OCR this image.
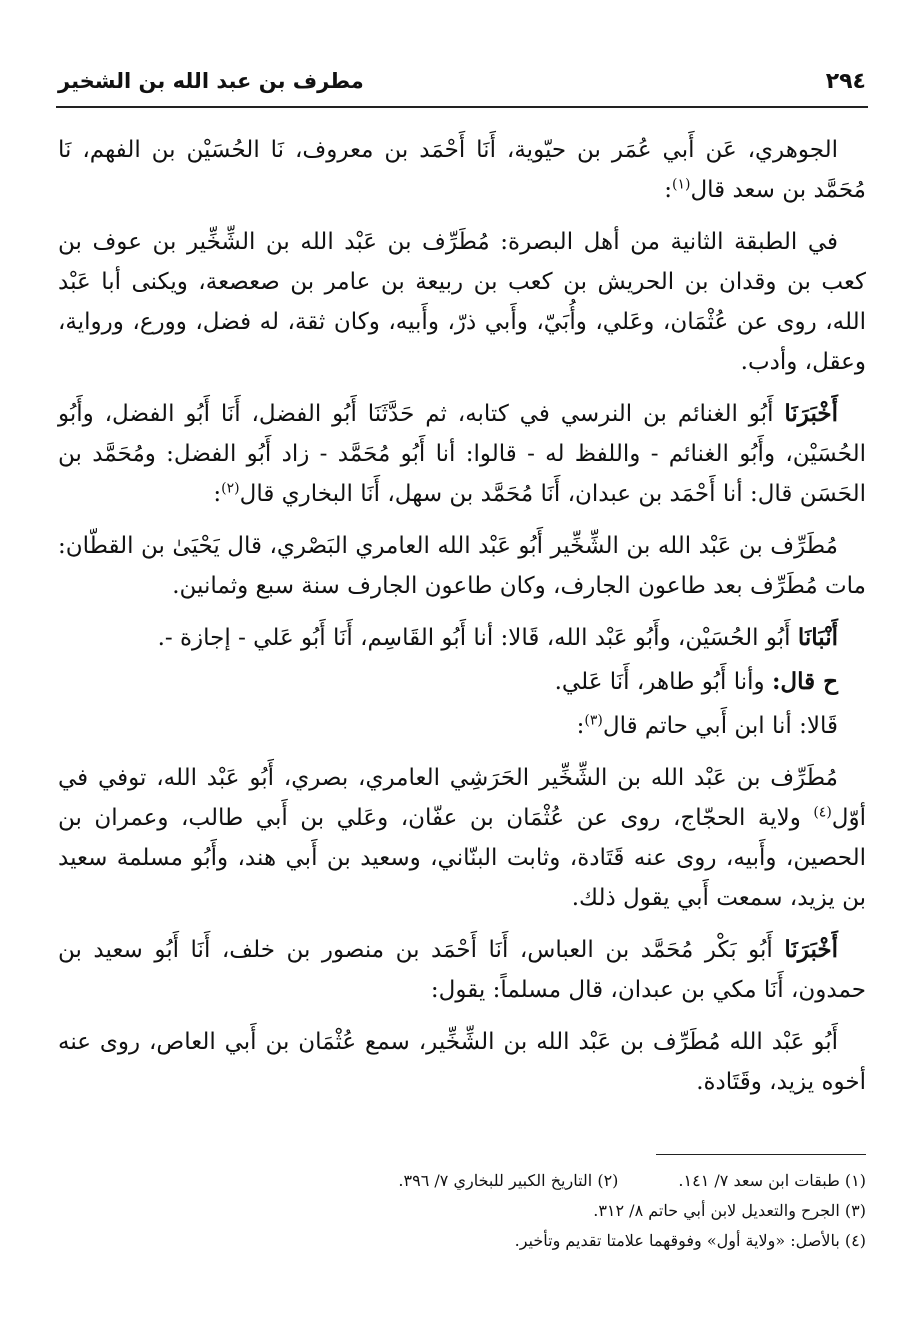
٢٩٤
مطرف بن عبد الله بن الشخير

الجوهري، عَن أَبي عُمَر بن حيّوية، أَنَا أَحْمَد بن معروف، نَا الحُسَيْن بن الفهم، نَا مُحَمَّد بن سعد قال$^{(١)}$:

في الطبقة الثانية من أهل البصرة: مُطَرِّف بن عَبْد الله بن الشِّخِّير بن عوف بن كعب بن وقدان بن الحريش بن كعب بن ربيعة بن عامر بن صعصعة، ويكنى أبا عَبْد الله، روى عن عُثْمَان، وعَلي، وأُبَيّ، وأَبي ذرّ، وأَبيه، وكان ثقة، له فضل، وورع، ورواية، وعقل، وأدب.

أَخْبَرَنَا أَبُو الغنائم بن النرسي في كتابه، ثم حَدَّثَنَا أَبُو الفضل، أَنَا أَبُو الفضل، وأَبُو الحُسَيْن، وأَبُو الغنائم - واللفظ له - قالوا: أنا أَبُو مُحَمَّد - زاد أَبُو الفضل: ومُحَمَّد بن الحَسَن قال: أنا أَحْمَد بن عبدان، أَنَا مُحَمَّد بن سهل، أَنَا البخاري قال$^{(٢)}$:

مُطَرِّف بن عَبْد الله بن الشِّخِّير أَبُو عَبْد الله العامري البَصْري، قال يَحْيَىٰ بن القطّان: مات مُطَرِّف بعد طاعون الجارف، وكان طاعون الجارف سنة سبع وثمانين.

أَنْبَانَا أَبُو الحُسَيْن، وأَبُو عَبْد الله، قَالا: أنا أَبُو القَاسِم، أَنَا أَبُو عَلي - إجازة -.

ح قال: وأنا أَبُو طاهر، أَنَا عَلي.

قَالا: أنا ابن أَبي حاتم قال$^{(٣)}$:

مُطَرِّف بن عَبْد الله بن الشِّخِّير الحَرَشِي العامري، بصري، أَبُو عَبْد الله، توفي في أوّل$^{(٤)}$ ولاية الحجّاج، روى عن عُثْمَان بن عفّان، وعَلي بن أَبي طالب، وعمران بن الحصين، وأَبيه، روى عنه قَتَادة، وثابت البنّاني، وسعيد بن أَبي هند، وأَبُو مسلمة سعيد بن يزيد، سمعت أَبي يقول ذلك.

أَخْبَرَنَا أَبُو بَكْر مُحَمَّد بن العباس، أَنَا أَحْمَد بن منصور بن خلف، أَنَا أَبُو سعيد بن حمدون، أَنَا مكي بن عبدان، قال مسلماً: يقول:

أَبُو عَبْد الله مُطَرِّف بن عَبْد الله بن الشِّخِّير، سمع عُثْمَان بن أَبي العاص، روى عنه أخوه يزيد، وقَتَادة.

(١) طبقات ابن سعد ٧/ ١٤١.
(٢) التاريخ الكبير للبخاري ٧/ ٣٩٦.
(٣) الجرح والتعديل لابن أبي حاتم ٨/ ٣١٢.
(٤) بالأصل: «ولاية أول» وفوقهما علامتا تقديم وتأخير.
